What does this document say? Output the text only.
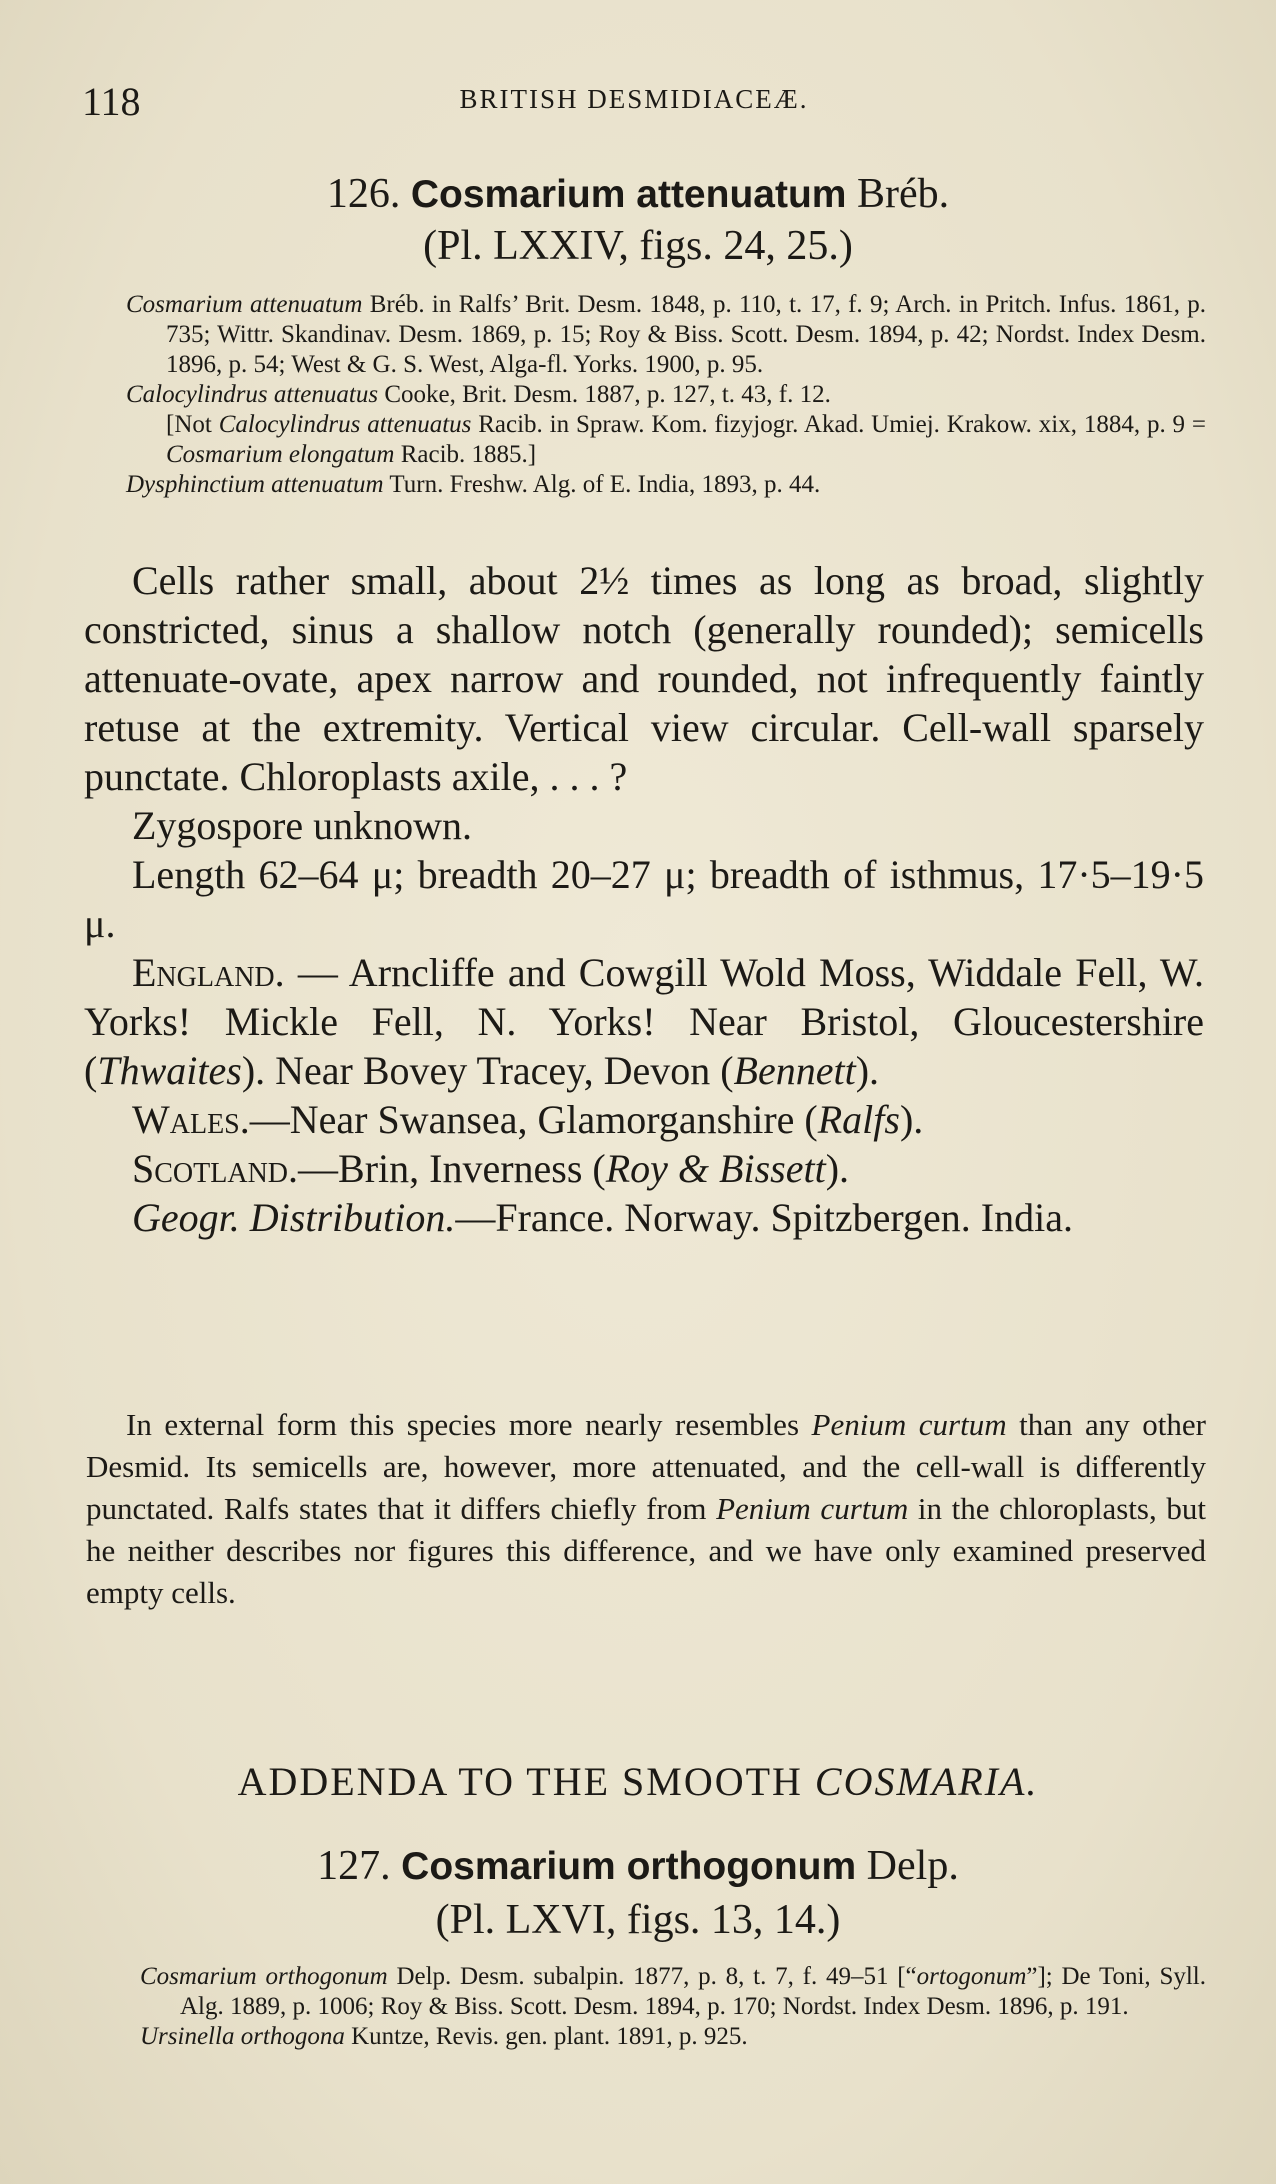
118	BRITISH DESMIDIACEÆ.
126. Cosmarium attenuatum Bréb.
(Pl. LXXIV, figs. 24, 25.)

Cosmarium attenuatum Bréb. in Ralfs’ Brit. Desm. 1848, p. 110, t. 17, f. 9; Arch. in Pritch. Infus. 1861, p. 735; Wittr. Skandinav. Desm. 1869, p. 15; Roy & Biss. Scott. Desm. 1894, p. 42; Nordst. Index Desm. 1896, p. 54; West & G. S. West, Alga-fl. Yorks. 1900, p. 95.

Calocylindrus attenuatus Cooke, Brit. Desm. 1887, p. 127, t. 43, f. 12.

[Not Calocylindrus attenuatus Racib. in Spraw. Kom. fizyjogr. Akad. Umiej. Krakow. xix, 1884, p. 9 = Cosmarium elongatum Racib. 1885.]

Dysphinctium attenuatum Turn. Freshw. Alg. of E. India, 1893, p. 44.

Cells rather small, about 2½ times as long as broad, slightly constricted, sinus a shallow notch (generally rounded); semicells attenuate-ovate, apex narrow and rounded, not infrequently faintly retuse at the extremity. Vertical view circular. Cell-wall sparsely punctate. Chloroplasts axile, . . . ?

Zygospore unknown.

Length 62–64 μ; breadth 20–27 μ; breadth of isthmus, 17·5–19·5 μ.

England. — Arncliffe and Cowgill Wold Moss, Widdale Fell, W. Yorks! Mickle Fell, N. Yorks! Near Bristol, Gloucestershire (Thwaites). Near Bovey Tracey, Devon (Bennett).

Wales.—Near Swansea, Glamorganshire (Ralfs).

Scotland.—Brin, Inverness (Roy & Bissett).

Geogr. Distribution.—France. Norway. Spitzbergen. India.

In external form this species more nearly resembles Penium curtum than any other Desmid. Its semicells are, however, more attenuated, and the cell-wall is differently punctated. Ralfs states that it differs chiefly from Penium curtum in the chloroplasts, but he neither describes nor figures this difference, and we have only examined preserved empty cells.

ADDENDA TO THE SMOOTH COSMARIA.
127. Cosmarium orthogonum Delp.
(Pl. LXVI, figs. 13, 14.)

Cosmarium orthogonum Delp. Desm. subalpin. 1877, p. 8, t. 7, f. 49–51 [“ortogonum”]; De Toni, Syll. Alg. 1889, p. 1006; Roy & Biss. Scott. Desm. 1894, p. 170; Nordst. Index Desm. 1896, p. 191.

Ursinella orthogona Kuntze, Revis. gen. plant. 1891, p. 925.
